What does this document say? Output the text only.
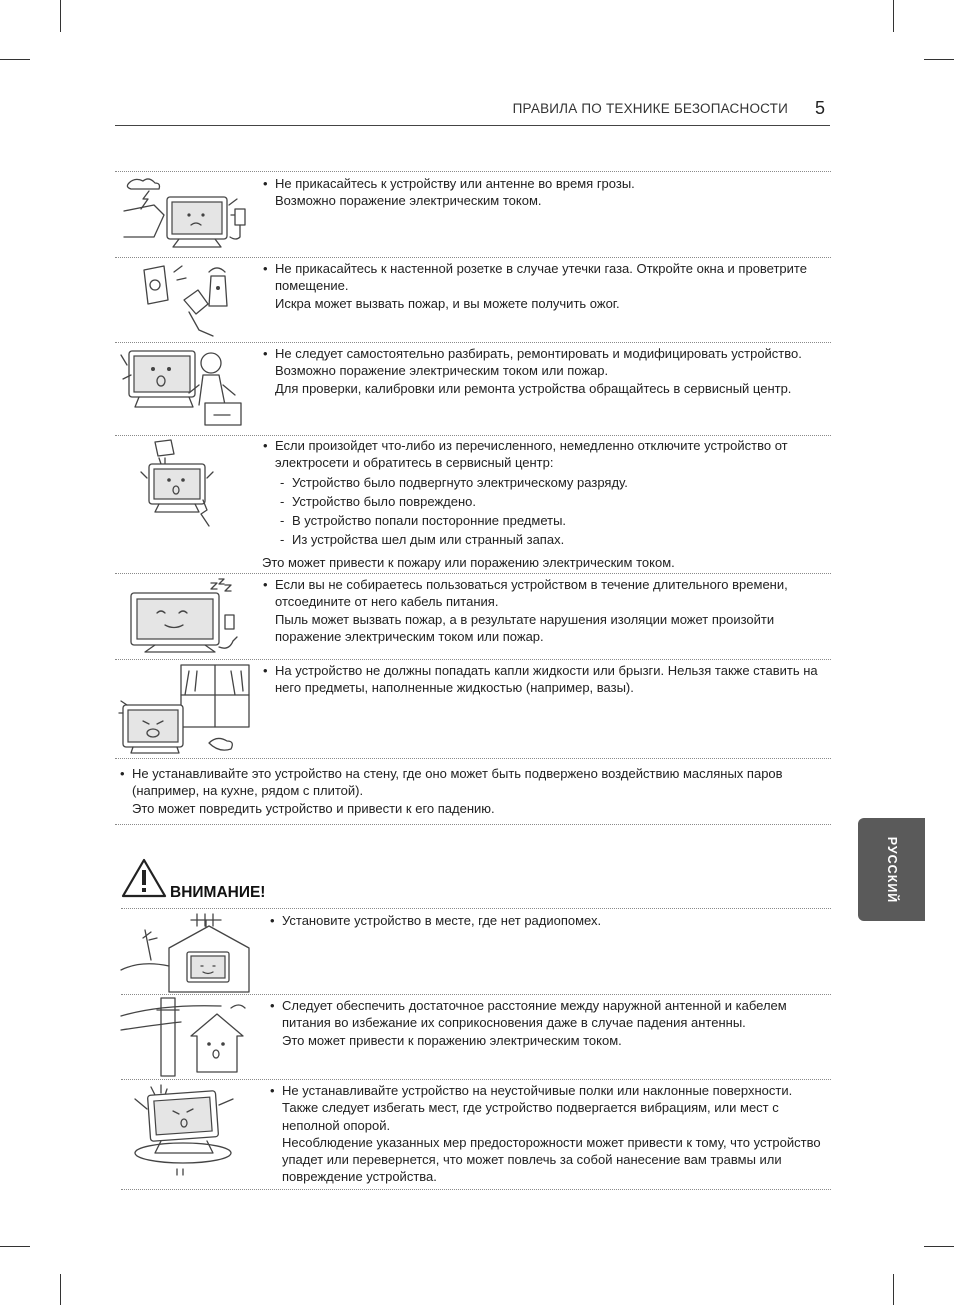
ПРАВИЛА ПО ТЕХНИКЕ БЕЗОПАСНОСТИ 5
РУССКИЙ
• Не прикасайтесь к устройству или антенне во время грозы.
Возможно поражение электрическим током.
• Не прикасайтесь к настенной розетке в случае утечки газа. Откройте окна и проветрите помещение.
Искра может вызвать пожар, и вы можете получить ожог.
• Не следует самостоятельно разбирать, ремонтировать и модифицировать устройство.
Возможно поражение электрическим током или пожар.
Для проверки, калибровки или ремонта устройства обращайтесь в сервисный центр.
• Если произойдет что-либо из перечисленного, немедленно отключите устройство от электросети и обратитесь в сервисный центр:
- Устройство было подвергнуто электрическому разряду.
- Устройство было повреждено.
- В устройство попали посторонние предметы.
- Из устройства шел дым или странный запах.
Это может привести к пожару или поражению электрическим током.
• Если вы не собираетесь пользоваться устройством в течение длительного времени, отсоедините от него кабель питания.
Пыль может вызвать пожар, а в результате нарушения изоляции может произойти поражение электрическим током или пожар.
• На устройство не должны попадать капли жидкости или брызги. Нельзя также ставить на него предметы, наполненные жидкостью (например, вазы).
• Не устанавливайте это устройство на стену, где оно может быть подвержено воздействию масляных паров (например, на кухне, рядом с плитой).
Это может повредить устройство и привести к его падению.
ВНИМАНИЕ!
• Установите устройство в месте, где нет радиопомех.
• Следует обеспечить достаточное расстояние между наружной антенной и кабелем питания во избежание их соприкосновения даже в случае падения антенны.
Это может привести к поражению электрическим током.
• Не устанавливайте устройство на неустойчивые полки или наклонные поверхности. Также следует избегать мест, где устройство подвергается вибрациям, или мест с неполной опорой.
Несоблюдение указанных мер предосторожности может привести к тому, что устройство упадет или перевернется, что может повлечь за собой нанесение вам травмы или повреждение устройства.
